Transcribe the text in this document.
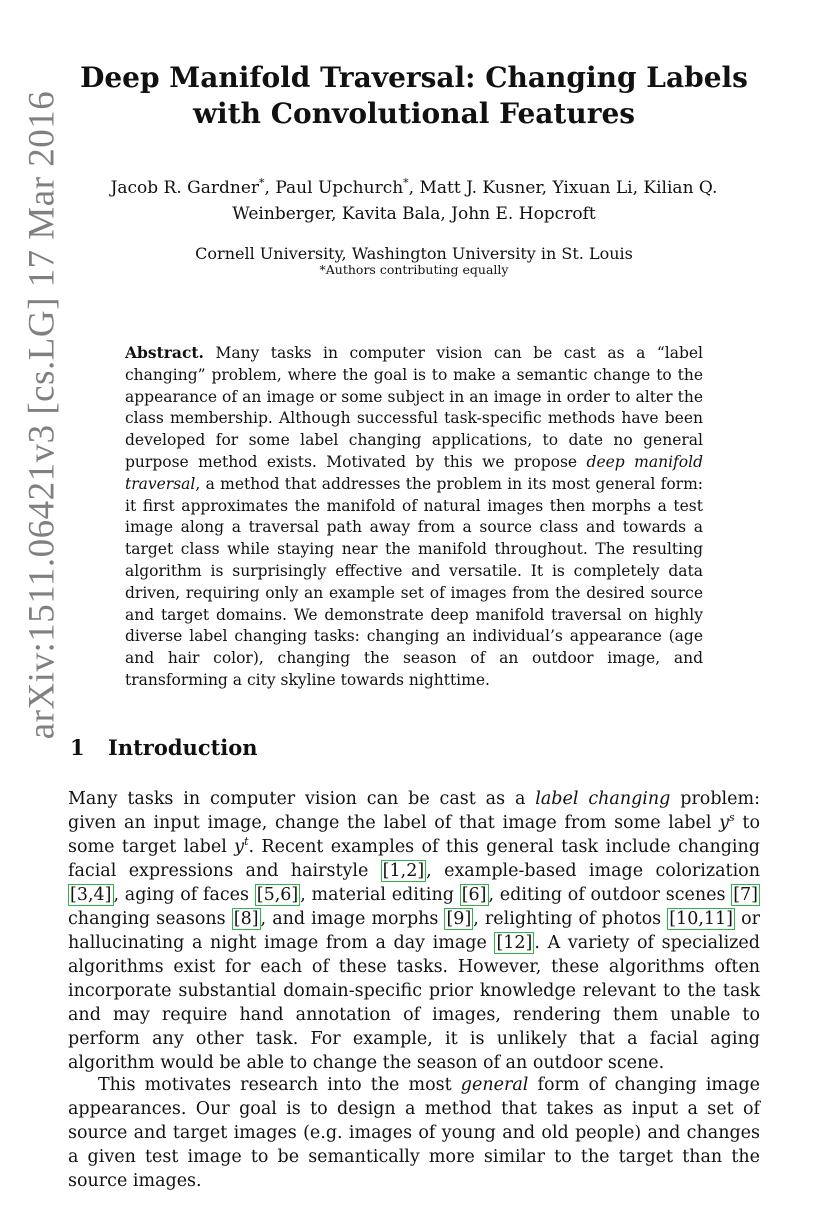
arXiv:1511.06421v3 [cs.LG] 17 Mar 2016
Deep Manifold Traversal: Changing Labels with Convolutional Features
Jacob R. Gardner*, Paul Upchurch*, Matt J. Kusner, Yixuan Li, Kilian Q. Weinberger, Kavita Bala, John E. Hopcroft
Cornell University, Washington University in St. Louis
*Authors contributing equally
Abstract. Many tasks in computer vision can be cast as a “label changing” problem, where the goal is to make a semantic change to the appearance of an image or some subject in an image in order to alter the class membership. Although successful task-specific methods have been developed for some label changing applications, to date no general purpose method exists. Motivated by this we propose deep manifold traversal, a method that addresses the problem in its most general form: it first approximates the manifold of natural images then morphs a test image along a traversal path away from a source class and towards a target class while staying near the manifold throughout. The resulting algorithm is surprisingly effective and versatile. It is completely data driven, requiring only an example set of images from the desired source and target domains. We demonstrate deep manifold traversal on highly diverse label changing tasks: changing an individual’s appearance (age and hair color), changing the season of an outdoor image, and transforming a city skyline towards nighttime.
1 Introduction
Many tasks in computer vision can be cast as a label changing problem: given an input image, change the label of that image from some label $y^s$ to some target label $y^t$. Recent examples of this general task include changing facial expressions and hairstyle [1,2] , example-based image colorization [3,4] , aging of faces [5,6] , material editing [6] , editing of outdoor scenes [7] changing seasons [8] , and image morphs [9] , relighting of photos [10,11] or hallucinating a night image from a day image [12] . A variety of specialized algorithms exist for each of these tasks. However, these algorithms often incorporate substantial domain-specific prior knowledge relevant to the task and may require hand annotation of images, rendering them unable to perform any other task. For example, it is unlikely that a facial aging algorithm would be able to change the season of an outdoor scene.
This motivates research into the most general form of changing image appearances. Our goal is to design a method that takes as input a set of source and target images (e.g. images of young and old people) and changes a given test image to be semantically more similar to the target than the source images.
